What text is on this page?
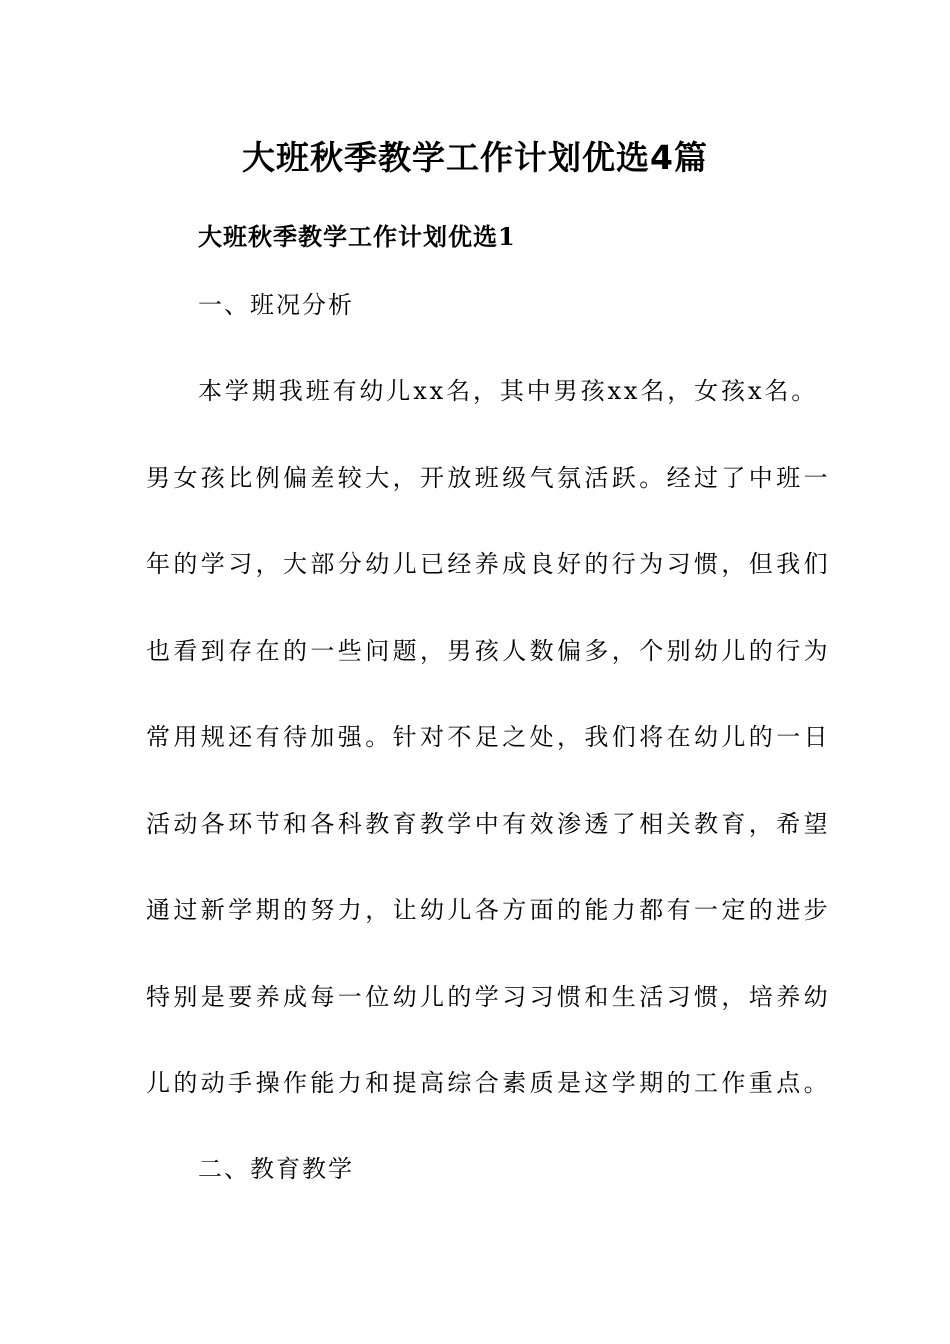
大班秋季教学工作计划优选4篇
大班秋季教学工作计划优选1
一、班况分析
本学期我班有幼儿xx名，其中男孩xx名，女孩x名。
男女孩比例偏差较大，开放班级气氛活跃。经过了中班一
年的学习，大部分幼儿已经养成良好的行为习惯，但我们
也看到存在的一些问题，男孩人数偏多，个别幼儿的行为
常用规还有待加强。针对不足之处，我们将在幼儿的一日
活动各环节和各科教育教学中有效渗透了相关教育，希望
通过新学期的努力，让幼儿各方面的能力都有一定的进步
特别是要养成每一位幼儿的学习习惯和生活习惯，培养幼
儿的动手操作能力和提高综合素质是这学期的工作重点。
二、教育教学
